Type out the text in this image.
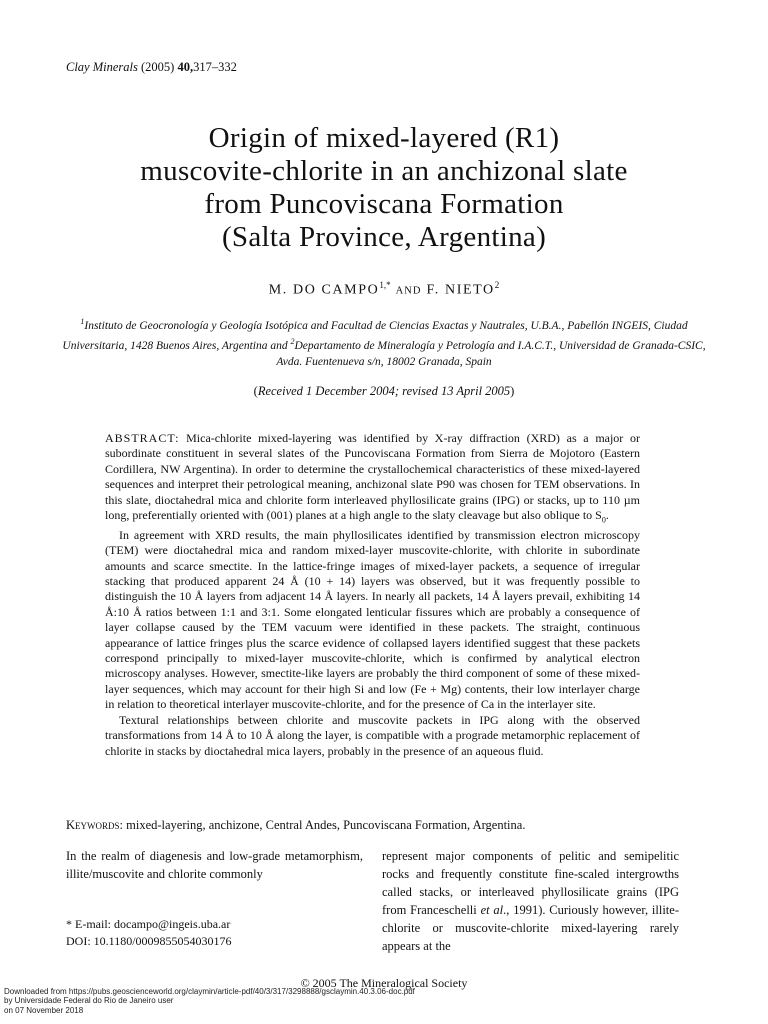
Clay Minerals (2005) 40,317–332
Origin of mixed-layered (R1)
muscovite-chlorite in an anchizonal slate
from Puncoviscana Formation
(Salta Province, Argentina)
M. DO $CAMPO^{1,*}$ AND F. NIETO$^2$
$^1$Instituto de Geocronología y Geología Isotópica and Facultad de Ciencias Exactas y Nautrales, U.B.A., Pabellón INGEIS, Ciudad Universitaria, 1428 Buenos Aires, Argentina and $^2$Departamento de Mineralogía y Petrología and I.A.C.T., Universidad de Granada-CSIC, Avda. Fuentenueva s/n, 18002 Granada, Spain
(Received 1 December 2004; revised 13 April 2005)

ABSTRACT: Mica-chlorite mixed-layering was identified by X-ray diffraction (XRD) as a major or subordinate constituent in several slates of the Puncoviscana Formation from Sierra de Mojotoro (Eastern Cordillera, NW Argentina). In order to determine the crystallochemical characteristics of these mixed-layered sequences and interpret their petrological meaning, anchizonal slate P90 was chosen for TEM observations. In this slate, dioctahedral mica and chlorite form interleaved phyllosilicate grains (IPG) or stacks, up to 110 µm long, preferentially oriented with (001) planes at a high angle to the slaty cleavage but also oblique to $S_0$.

In agreement with XRD results, the main phyllosilicates identified by transmission electron microscopy (TEM) were dioctahedral mica and random mixed-layer muscovite-chlorite, with chlorite in subordinate amounts and scarce smectite. In the lattice-fringe images of mixed-layer packets, a sequence of irregular stacking that produced apparent 24 Å (10 + 14) layers was observed, but it was frequently possible to distinguish the 10 Å layers from adjacent 14 Å layers. In nearly all packets, 14 Å layers prevail, exhibiting 14 Å:10 Å ratios between 1:1 and 3:1. Some elongated lenticular fissures which are probably a consequence of layer collapse caused by the TEM vacuum were identified in these packets. The straight, continuous appearance of lattice fringes plus the scarce evidence of collapsed layers identified suggest that these packets correspond principally to mixed-layer muscovite-chlorite, which is confirmed by analytical electron microscopy analyses. However, smectite-like layers are probably the third component of some of these mixed-layer sequences, which may account for their high Si and low (Fe + Mg) contents, their low interlayer charge in relation to theoretical interlayer muscovite-chlorite, and for the presence of Ca in the interlayer site.

Textural relationships between chlorite and muscovite packets in IPG along with the observed transformations from 14 Å to 10 Å along the layer, is compatible with a prograde metamorphic replacement of chlorite in stacks by dioctahedral mica layers, probably in the presence of an aqueous fluid.

Keywords: mixed-layering, anchizone, Central Andes, Puncoviscana Formation, Argentina.
In the realm of diagenesis and low-grade metamorphism, illite/muscovite and chlorite commonly
represent major components of pelitic and semipelitic rocks and frequently constitute fine-scaled intergrowths called stacks, or interleaved phyllosilicate grains (IPG from Franceschelli et al., 1991). Curiously however, illite-chlorite or muscovite-chlorite mixed-layering rarely appears at the
* E-mail: docampo@ingeis.uba.ar
DOI: 10.1180/0009855054030176
© 2005 The Mineralogical Society
Downloaded from https://pubs.geoscienceworld.org/claymin/article-pdf/40/3/317/3298888/gsclaymin.40.3.06-doc.pdf
by Universidade Federal do Rio de Janeiro user
on 07 November 2018
